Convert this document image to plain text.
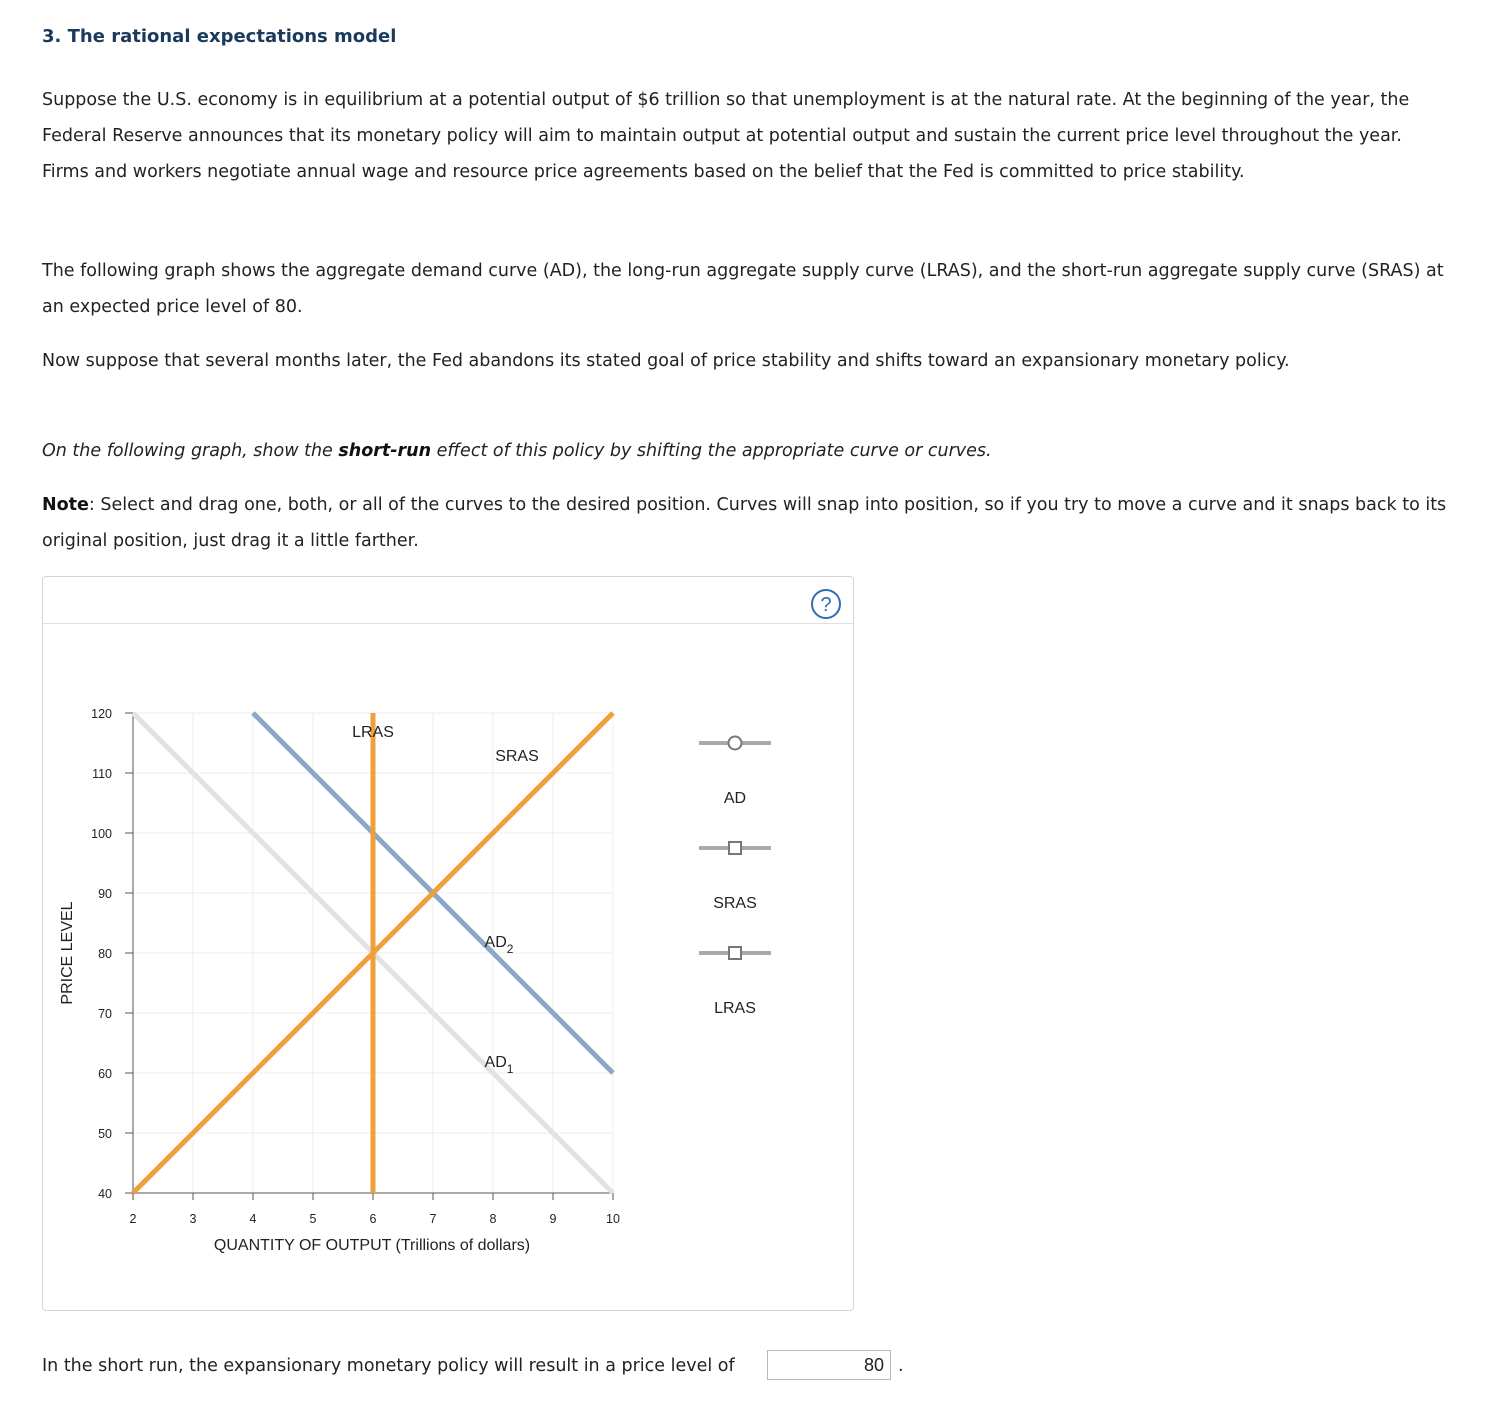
3. The rational expectations model

Suppose the U.S. economy is in equilibrium at a potential output of $6 trillion so that unemployment is at the natural rate. At the beginning of the year, the Federal Reserve announces that its monetary policy will aim to maintain output at potential output and sustain the current price level throughout the year. Firms and workers negotiate annual wage and resource price agreements based on the belief that the Fed is committed to price stability.

The following graph shows the aggregate demand curve (AD), the long-run aggregate supply curve (LRAS), and the short-run aggregate supply curve (SRAS) at an expected price level of 80.

Now suppose that several months later, the Fed abandons its stated goal of price stability and shifts toward an expansionary monetary policy.

On the following graph, show the short-run effect of this policy by shifting the appropriate curve or curves.

Note: Select and drag one, both, or all of the curves to the desired position. Curves will snap into position, so if you try to move a curve and it snaps back to its original position, just drag it a little farther.

?
40
50
60
70
80
90
100
110
120
2	3	4	5	6	7	8	9	10
QUANTITY OF OUTPUT (Trillions of dollars)
PRICE LEVEL
$AD_1$
$AD_2$
SRAS
LRAS
AD
SRAS
LRAS
In the short run, the expansionary monetary policy will result in a price level of	80 .
